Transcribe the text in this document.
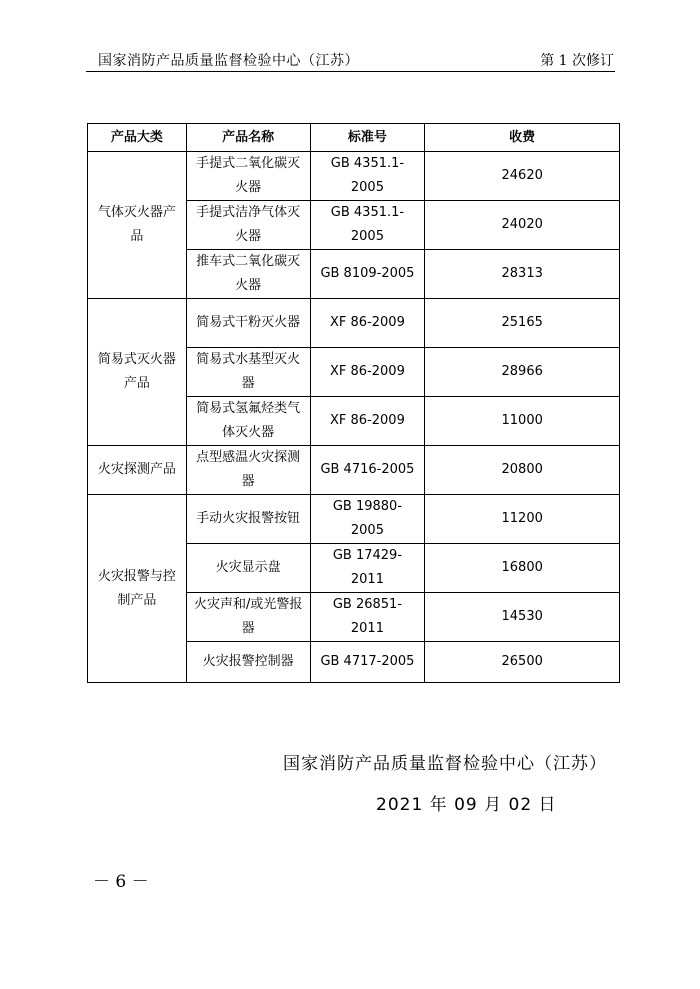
国家消防产品质量监督检验中心（江苏）	第 1 次修订
产品大类	产品名称	标准号	收费
气体灭火器产品	手提式二氧化碳灭火器	GB 4351.1-2005	24620
	手提式洁净气体灭火器	GB 4351.1-2005	24020
	推车式二氧化碳灭火器	GB 8109-2005	28313
简易式灭火器产品	简易式干粉灭火器	XF 86-2009	25165
	简易式水基型灭火器	XF 86-2009	28966
	简易式氢氟烃类气体灭火器	XF 86-2009	11000
火灾探测产品	点型感温火灾探测器	GB 4716-2005	20800
火灾报警与控制产品	手动火灾报警按钮	GB 19880-2005	11200
	火灾显示盘	GB 17429-2011	16800
	火灾声和/或光警报器	GB 26851-2011	14530
	火灾报警控制器	GB 4717-2005	26500
国家消防产品质量监督检验中心（江苏）
2021 年 09 月 02 日
－ 6 －
